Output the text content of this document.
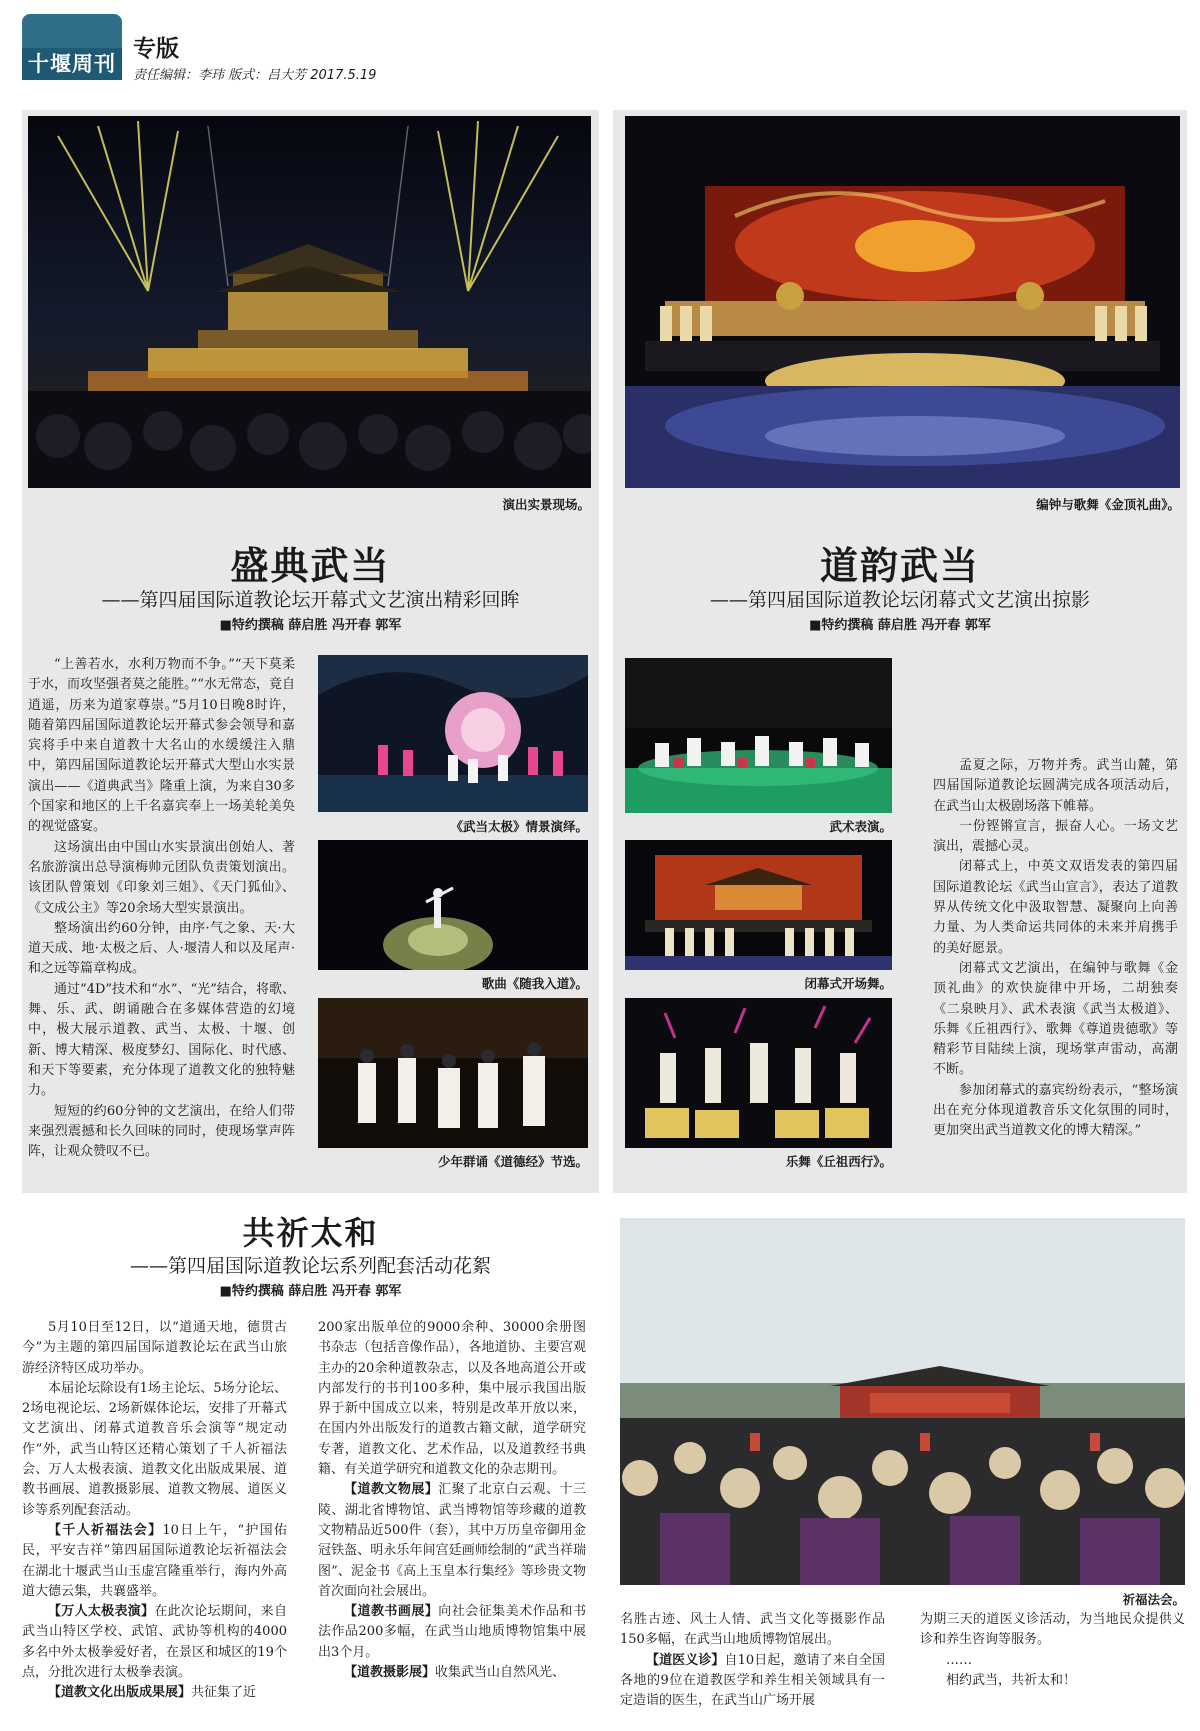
十堰周刊
专版
责任编辑：李玮 版式：吕大芳 2017.5.19
演出实景现场。	编钟与歌舞《金顶礼曲》。
盛典武当
——第四届国际道教论坛开幕式文艺演出精彩回眸
■特约撰稿 薛启胜 冯开春 郭军
道韵武当
——第四届国际道教论坛闭幕式文艺演出掠影
■特约撰稿 薛启胜 冯开春 郭军

“上善若水，水利万物而不争。”“天下莫柔于水，而攻坚强者莫之能胜。”“水无常态，竟自逍遥，历来为道家尊崇。”5月10日晚8时许，随着第四届国际道教论坛开幕式参会领导和嘉宾将手中来自道教十大名山的水缓缓注入鼎中，第四届国际道教论坛开幕式大型山水实景演出——《道典武当》隆重上演，为来自30多个国家和地区的上千名嘉宾奉上一场美轮美奂的视觉盛宴。

这场演出由中国山水实景演出创始人、著名旅游演出总导演梅帅元团队负责策划演出。该团队曾策划《印象刘三姐》、《天门狐仙》、《文成公主》等20余场大型实景演出。

整场演出约60分钟，由序·气之象、天·大道天成、地·太极之后、人·堰清人和以及尾声·和之远等篇章构成。

通过“4D”技术和“水”、“光”结合，将歌、舞、乐、武、朗诵融合在多媒体营造的幻境中，极大展示道教、武当、太极、十堰、创新、博大精深、极度梦幻、国际化、时代感、和天下等要素，充分体现了道教文化的独特魅力。

短短的约60分钟的文艺演出，在给人们带来强烈震撼和长久回味的同时，使现场掌声阵阵，让观众赞叹不已。

《武当太极》情景演绎。
歌曲《随我入道》。
少年群诵《道德经》节选。
武术表演。
闭幕式开场舞。
乐舞《丘祖西行》。

孟夏之际，万物并秀。武当山麓，第四届国际道教论坛圆满完成各项活动后，在武当山太极剧场落下帷幕。

一份铿锵宣言，振奋人心。一场文艺演出，震撼心灵。

闭幕式上，中英文双语发表的第四届国际道教论坛《武当山宣言》，表达了道教界从传统文化中汲取智慧、凝聚向上向善力量、为人类命运共同体的未来并肩携手的美好愿景。

闭幕式文艺演出，在编钟与歌舞《金顶礼曲》的欢快旋律中开场，二胡独奏《二泉映月》、武术表演《武当太极道》、乐舞《丘祖西行》、歌舞《尊道贵德歌》等精彩节目陆续上演，现场掌声雷动，高潮不断。

参加闭幕式的嘉宾纷纷表示，“整场演出在充分体现道教音乐文化氛围的同时，更加突出武当道教文化的博大精深。”

共祈太和
——第四届国际道教论坛系列配套活动花絮
■特约撰稿 薛启胜 冯开春 郭军
祈福法会。

5月10日至12日，以“道通天地，德贯古今”为主题的第四届国际道教论坛在武当山旅游经济特区成功举办。

本届论坛除设有1场主论坛、5场分论坛、2场电视论坛、2场新媒体论坛，安排了开幕式文艺演出、闭幕式道教音乐会演等“规定动作”外，武当山特区还精心策划了千人祈福法会、万人太极表演、道教文化出版成果展、道教书画展、道教摄影展、道教文物展、道医义诊等系列配套活动。

【千人祈福法会】10日上午，“护国佑民，平安吉祥”第四届国际道教论坛祈福法会在湖北十堰武当山玉虚宫隆重举行，海内外高道大德云集，共襄盛举。

【万人太极表演】在此次论坛期间，来自武当山特区学校、武馆、武协等机构的4000多名中外太极拳爱好者，在景区和城区的19个点，分批次进行太极拳表演。

【道教文化出版成果展】共征集了近

200家出版单位的9000余种、30000余册图书杂志（包括音像作品），各地道协、主要宫观主办的20余种道教杂志，以及各地高道公开或内部发行的书刊100多种，集中展示我国出版界于新中国成立以来，特别是改革开放以来，在国内外出版发行的道教古籍文献，道学研究专著，道教文化、艺术作品，以及道教经书典籍、有关道学研究和道教文化的杂志期刊。

【道教文物展】汇聚了北京白云观、十三陵、湖北省博物馆、武当博物馆等珍藏的道教文物精品近500件（套），其中万历皇帝御用金冠铁盔、明永乐年间宫廷画师绘制的“武当祥瑞图”、泥金书《高上玉皇本行集经》等珍贵文物首次面向社会展出。

【道教书画展】向社会征集美术作品和书法作品200多幅，在武当山地质博物馆集中展出3个月。

【道教摄影展】收集武当山自然风光、

名胜古迹、风土人情、武当文化等摄影作品150多幅，在武当山地质博物馆展出。

【道医义诊】自10日起，邀请了来自全国各地的9位在道教医学和养生相关领域具有一定造诣的医生，在武当山广场开展

为期三天的道医义诊活动，为当地民众提供义诊和养生咨询等服务。

……

相约武当，共祈太和！
